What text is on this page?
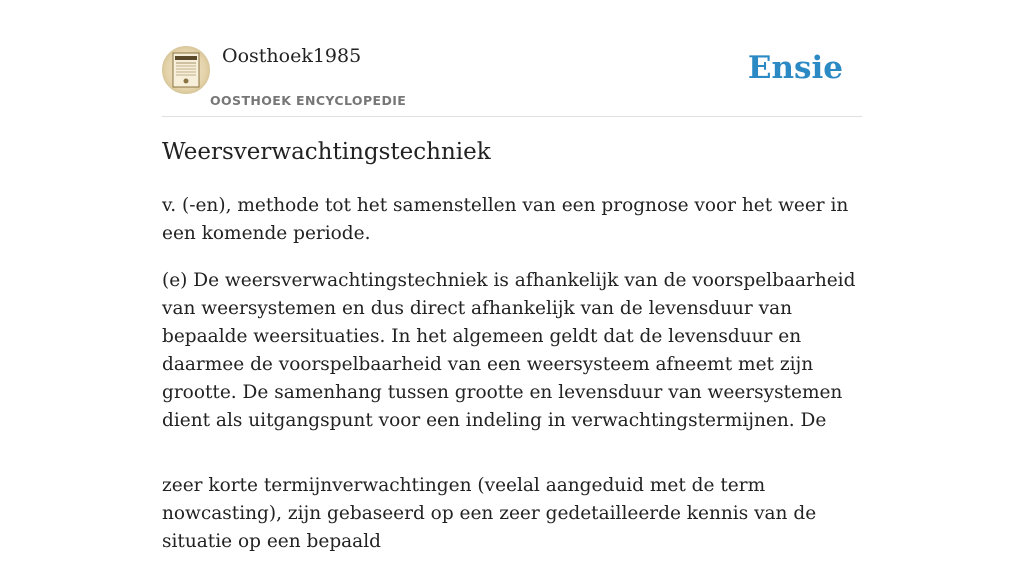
Oosthoek1985
OOSTHOEK ENCYCLOPEDIE
Ensie
Weersverwachtingstechniek

v. (-en), methode tot het samenstellen van een prognose voor het weer in een komende periode.

(e) De weersverwachtingstechniek is afhankelijk van de voorspelbaarheid van weersystemen en dus direct afhankelijk van de levensduur van bepaalde weersituaties. In het algemeen geldt dat de levensduur en daarmee de voorspelbaarheid van een weersysteem afneemt met zijn grootte. De samenhang tussen grootte en levensduur van weersystemen dient als uitgangspunt voor een indeling in verwachtingstermijnen. De

zeer korte termijnverwachtingen (veelal aangeduid met de term nowcasting), zijn gebaseerd op een zeer gedetailleerde kennis van de situatie op een bepaald
